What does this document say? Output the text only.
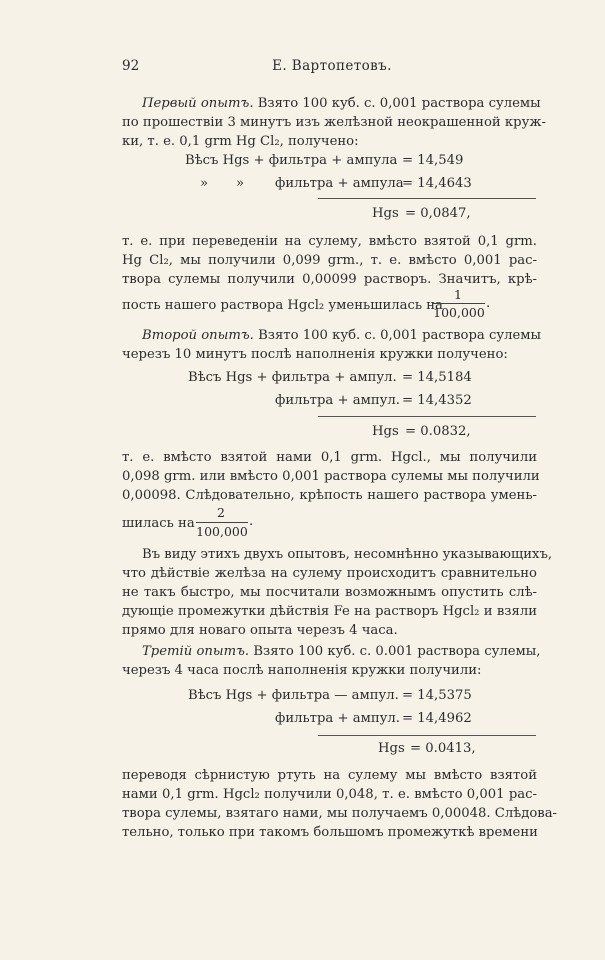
92	Е. Вартопетовъ.
Первый опытъ. Взято 100 куб. с. 0,001 раствора сулемы
по прошествіи 3 минутъ изъ желѣзной неокрашенной круж-
ки, т. е. 0,1 grm Hg Cl₂, получено:
Вѣсъ Hgs + фильтра + ампула = 14,549
» » фильтра + ампула
= 14,4643
Hgs = 0,0847,
т. е. при переведеніи на сулему, вмѣсто взятой 0,1 grm.
Hg Cl₂, мы получили 0,099 grm., т. е. вмѣсто 0,001 рас-
твора сулемы получили 0,00099 растворъ. Значитъ, крѣ-
пость нашего раствора Hgcl₂ уменьшилась на
1
100,000
.
Второй опытъ. Взято 100 куб. с. 0,001 раствора сулемы
черезъ 10 минутъ послѣ наполненія кружки получено:
Вѣсъ Hgs + фильтра + ампул. = 14,5184
фильтра + ампул. = 14,4352
Hgs = 0.0832,
т. е. вмѣсто взятой нами 0,1 grm. Hgcl., мы получили
0,098 grm. или вмѣсто 0,001 раствора сулемы мы получили
0,00098. Слѣдовательно, крѣпость нашего раствора умень-
шилась на
2
100,000
.
Въ виду этихъ двухъ опытовъ, несомнѣнно указывающихъ,
что дѣйствіе желѣза на сулему происходитъ сравнительно
не такъ быстро, мы посчитали возможнымъ опустить слѣ-
дующіе промежутки дѣйствія Fe на растворъ Hgcl₂ и взяли
прямо для новаго опыта черезъ 4 часа.
Третій опытъ. Взято 100 куб. с. 0.001 раствора сулемы,
черезъ 4 часа послѣ наполненія кружки получили:
Вѣсъ Hgs + фильтра — ампул. = 14,5375
фильтра + ампул. = 14,4962
Hgs = 0.0413,
переводя сѣрнистую ртуть на сулему мы вмѣсто взятой
нами 0,1 grm. Hgcl₂ получили 0,048, т. е. вмѣсто 0,001 рас-
твора сулемы, взятаго нами, мы получаемъ 0,00048. Слѣдова-
тельно, только при такомъ большомъ промежуткѣ времени
